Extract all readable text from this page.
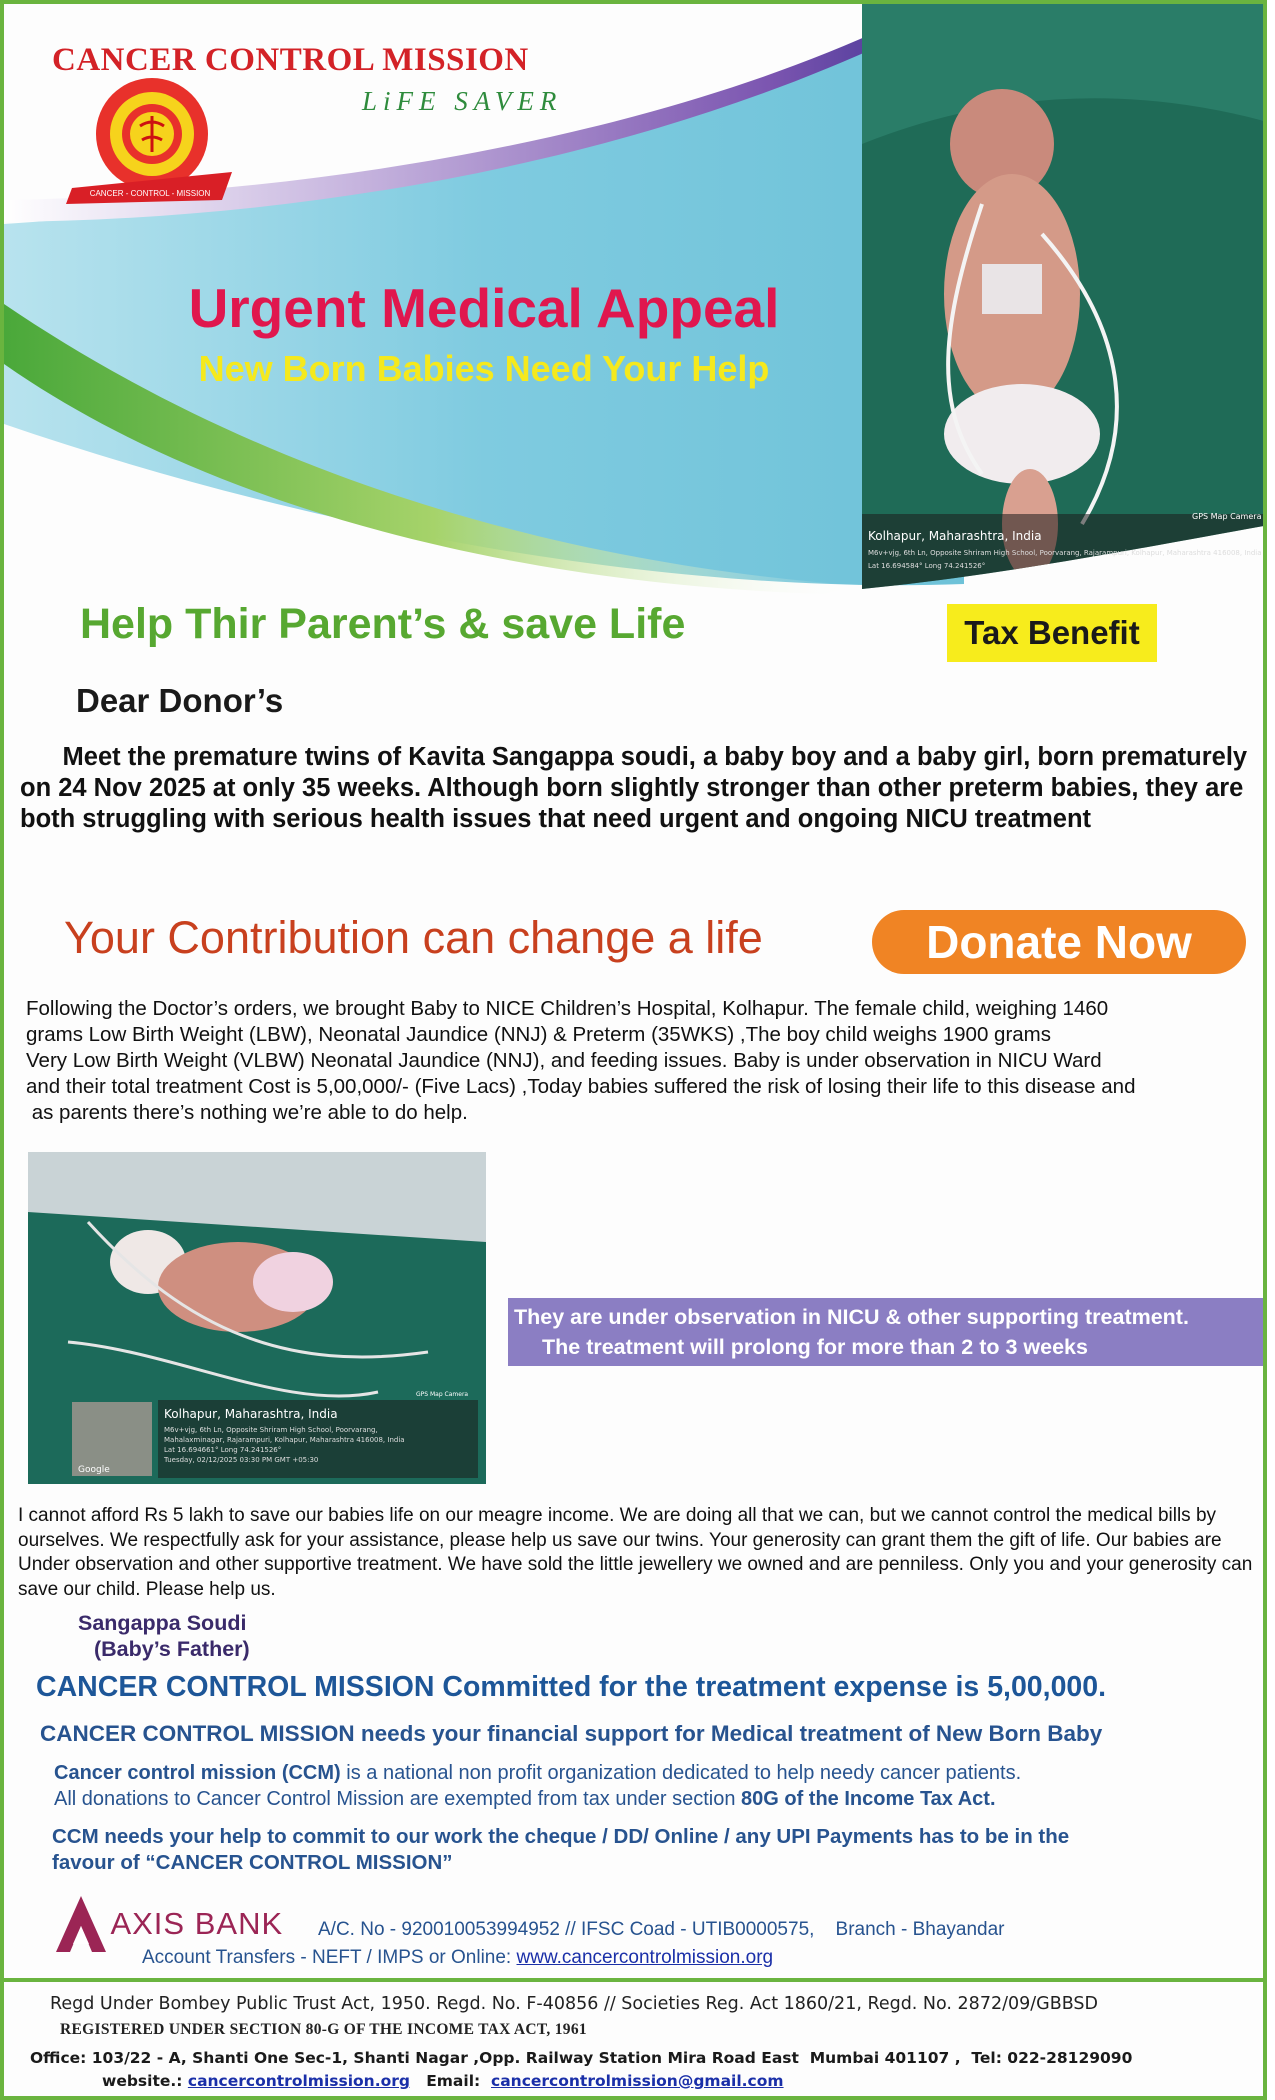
CANCER CONTROL MISSION
LiFE SAVER
CANCER - CONTROL - MISSION
Urgent Medical Appeal
New Born Babies Need Your Help
Kolhapur, Maharashtra, India
M6v+vjg, 6th Ln, Opposite Shriram High School, Poorvarang, Rajarampuri, Kolhapur, Maharashtra 416008, India
Lat 16.694584° Long 74.241526°
GPS Map Camera
Help Thir Parent’s & save Life	Tax Benefit
Dear Donor’s
Meet the premature twins of Kavita Sangappa soudi, a baby boy and a baby girl, born prematurely on 24 Nov 2025 at only 35 weeks. Although born slightly stronger than other preterm babies, they are both struggling with serious health issues that need urgent and ongoing NICU treatment
Your Contribution can change a life	Donate Now
Following the Doctor’s orders, we brought Baby to NICE Children’s Hospital, Kolhapur. The female child, weighing 1460
grams Low Birth Weight (LBW), Neonatal Jaundice (NNJ) & Preterm (35WKS) ,The boy child weighs 1900 grams
Very Low Birth Weight (VLBW) Neonatal Jaundice (NNJ), and feeding issues. Baby is under observation in NICU Ward
and their total treatment Cost is 5,00,000/- (Five Lacs) ,Today babies suffered the risk of losing their life to this disease and
as parents there’s nothing we’re able to do help.
Kolhapur, Maharashtra, India
M6v+vjg, 6th Ln, Opposite Shriram High School, Poorvarang,
Mahalaxminagar, Rajarampuri, Kolhapur, Maharashtra 416008, India
Lat 16.694661° Long 74.241526°
Tuesday, 02/12/2025 03:30 PM GMT +05:30
GPS Map Camera
Google
They are under observation in NICU & other supporting treatment.
The treatment will prolong for more than 2 to 3 weeks
I cannot afford Rs 5 lakh to save our babies life on our meagre income. We are doing all that we can, but we cannot control the medical bills by ourselves. We respectfully ask for your assistance, please help us save our twins. Your generosity can grant them the gift of life. Our babies are Under observation and other supportive treatment. We have sold the little jewellery we owned and are penniless. Only you and your generosity can save our child. Please help us.
Sangappa Soudi
(Baby’s Father)
CANCER CONTROL MISSION Committed for the treatment expense is 5,00,000.
CANCER CONTROL MISSION needs your financial support for Medical treatment of New Born Baby
Cancer control mission (CCM) is a national non profit organization dedicated to help needy cancer patients.
All donations to Cancer Control Mission are exempted from tax under section 80G of the Income Tax Act.
CCM needs your help to commit to our work the cheque / DD/ Online / any UPI Payments has to be in the
favour of “CANCER CONTROL MISSION”
AXIS BANK A/C. No - 920010053994952 // IFSC Coad - UTIB0000575,    Branch - Bhayandar
Account Transfers - NEFT / IMPS or Online: www.cancercontrolmission.org
Regd Under Bombey Public Trust Act, 1950. Regd. No. F-40856 // Societies Reg. Act 1860/21, Regd. No. 2872/09/GBBSD
REGISTERED UNDER SECTION 80-G OF THE INCOME TAX ACT, 1961
Office: 103/22 - A, Shanti One Sec-1, Shanti Nagar ,Opp. Railway Station Mira Road East  Mumbai 401107 ,  Tel: 022-28129090
website.: cancercontrolmission.org Email:  cancercontrolmission@gmail.com
